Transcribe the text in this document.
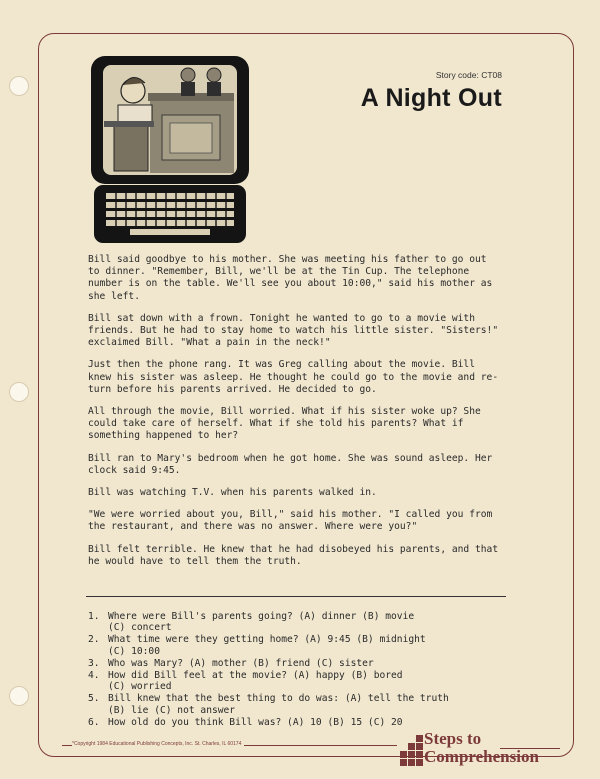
Story code: CT08
A Night Out

Bill said goodbye to his mother. She was meeting his father to go out
to dinner. "Remember, Bill, we'll be at the Tin Cup. The telephone
number is on the table. We'll see you about 10:00," said his mother as
she left.

Bill sat down with a frown. Tonight he wanted to go to a movie with
friends. But he had to stay home to watch his little sister. "Sisters!"
exclaimed Bill. "What a pain in the neck!"

Just then the phone rang. It was Greg calling about the movie. Bill
knew his sister was asleep. He thought he could go to the movie and re-
turn before his parents arrived. He decided to go.

All through the movie, Bill worried. What if his sister woke up? She
could take care of herself. What if she told his parents? What if
something happened to her?

Bill ran to Mary's bedroom when he got home. She was sound asleep. Her
clock said 9:45.

Bill was watching T.V. when his parents walked in.

"We were worried about you, Bill," said his mother. "I called you from
the restaurant, and there was no answer. Where were you?"

Bill felt terrible. He knew that he had disobeyed his parents, and that
he would have to tell them the truth.

1. Where were Bill's parents going? (A) dinner (B) movie
(C) concert
2. What time were they getting home? (A) 9:45 (B) midnight
(C) 10:00
3. Who was Mary? (A) mother (B) friend (C) sister
4. How did Bill feel at the movie? (A) happy (B) bored
(C) worried
5. Bill knew that the best thing to do was: (A) tell the truth
(B) lie (C) not answer
6. How old do you think Bill was? (A) 10 (B) 15 (C) 20
*Copyright 1984 Educational Publishing Concepts, Inc. St. Charles, IL 60174	Steps to
Comprehension
